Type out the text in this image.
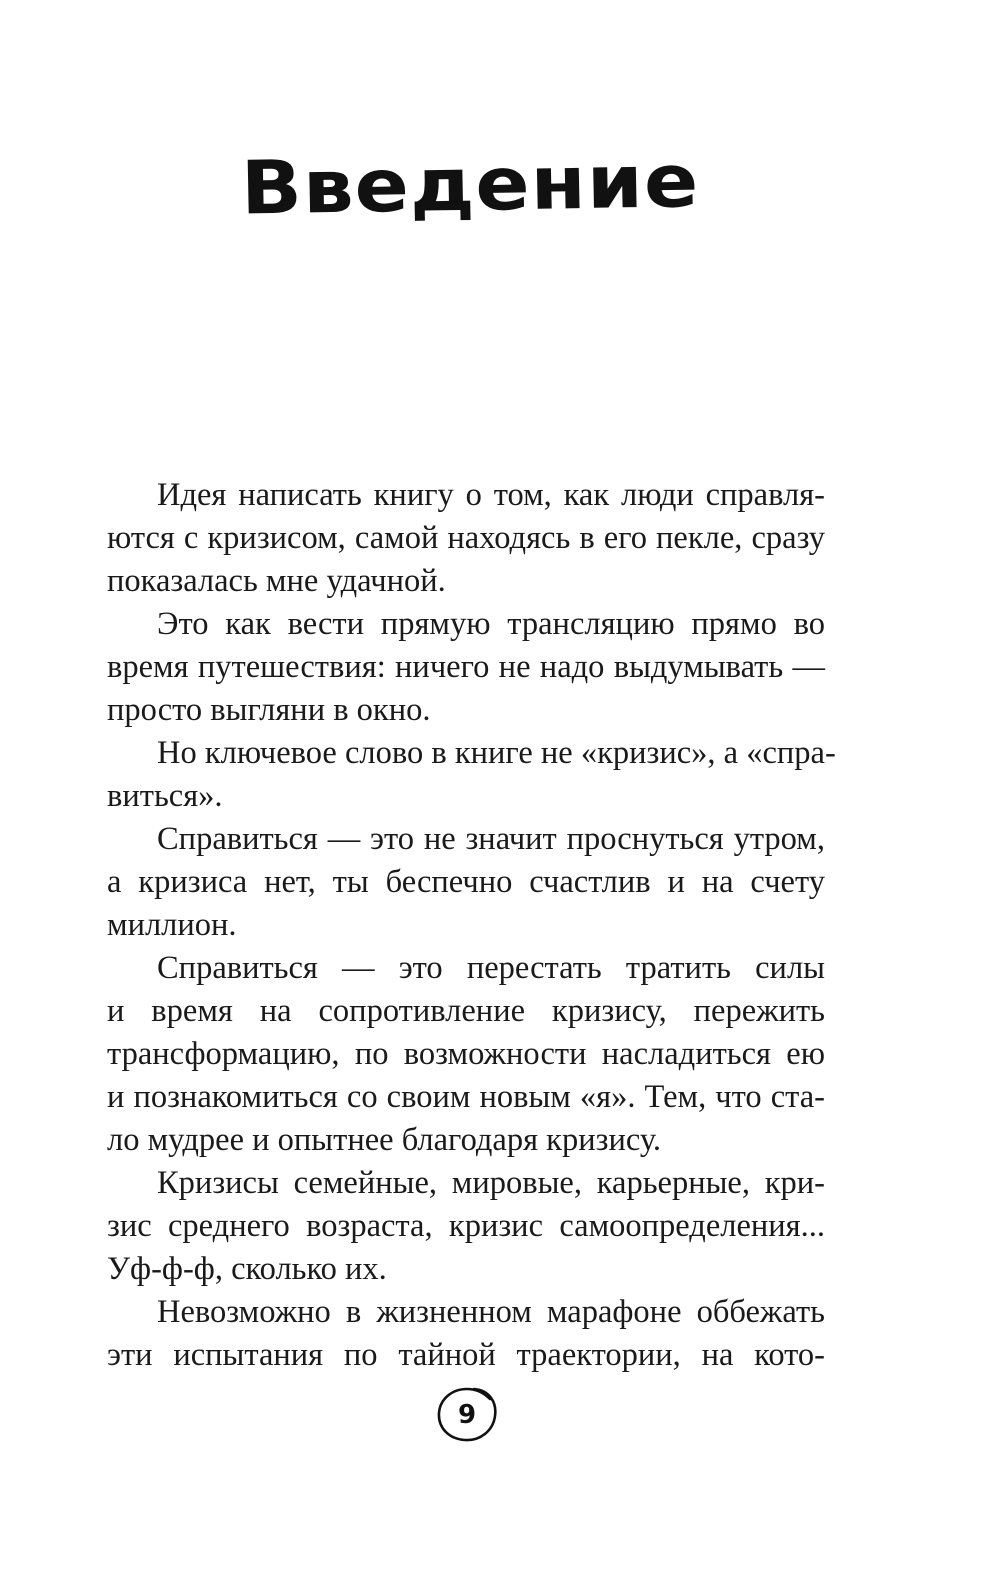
Введение
Идея написать книгу о том, как люди справля-
ются с кризисом, самой находясь в его пекле, сразу
показалась мне удачной.
Это как вести прямую трансляцию прямо во
время путешествия: ничего не надо выдумывать —
просто выгляни в окно.
Но ключевое слово в книге не «кризис», а «спра-
виться».
Справиться — это не значит проснуться утром,
а кризиса нет, ты беспечно счастлив и на счету
миллион.
Справиться — это перестать тратить силы
и время на сопротивление кризису, пережить
трансформацию, по возможности насладиться ею
и познакомиться со своим новым «я». Тем, что ста-
ло мудрее и опытнее благодаря кризису.
Кризисы семейные, мировые, карьерные, кри-
зис среднего возраста, кризис самоопределения...
Уф-ф-ф, сколько их.
Невозможно в жизненном марафоне оббежать
эти испытания по тайной траектории, на кото-
9
